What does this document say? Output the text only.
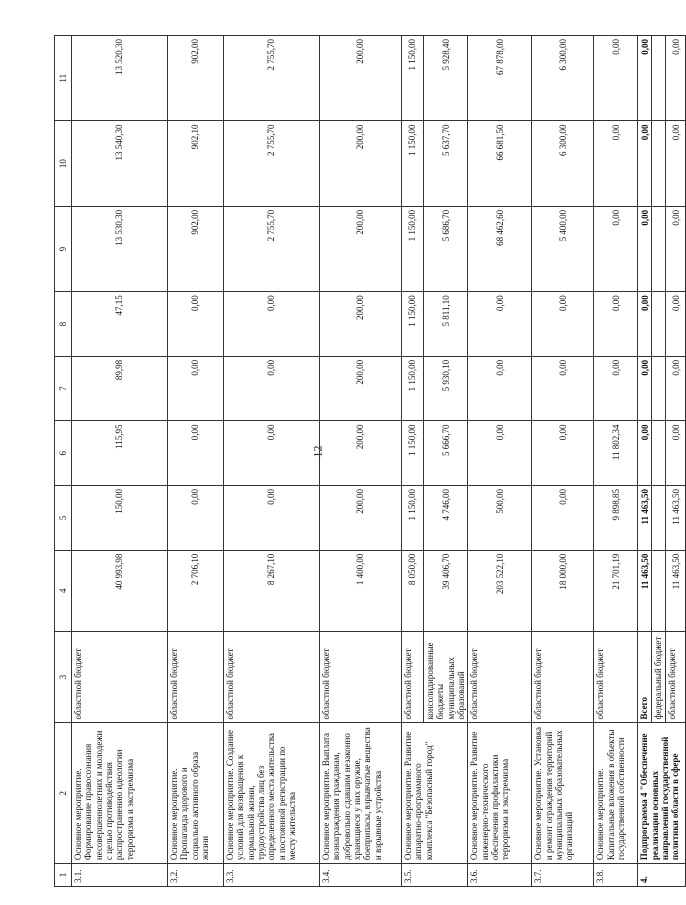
12
1	2	3	4	5	6	7	8	9	10	11
3.1.	Основное мероприятие. Формирование правосознания несовершеннолетних и молодежи с целью противодействия распространению идеологии терроризма и экстремизма	областной бюджет	40 993,98	150,00	115,95	89,98	47,15	13 530,30	13 540,30	13 520,30
3.2.	Основное мероприятие. Пропаганда здорового и социально активного образа жизни	областной бюджет	2 706,10	0,00	0,00	0,00	0,00	902,00	902,10	902,00
3.3.	Основное мероприятие. Создание условий для возвращения к нормальной жизни, трудоустройства лиц без определенного места жительства и постоянной регистрации по месту жительства	областной бюджет	8 267,10	0,00	0,00	0,00	0,00	2 755,70	2 755,70	2 755,70
3.4.	Основное мероприятие. Выплата вознаграждения гражданам, добровольно сдавшим незаконно хранящиеся у них оружие, боеприпасы, взрывчатые вещества и взрывные устройства	областной бюджет	1 400,00	200,00	200,00	200,00	200,00	200,00	200,00	200,00
3.5.	Основное мероприятие. Развитие аппаратно-программного комплекса "Безопасный город"	областной бюджет	8 050,00	1 150,00	1 150,00	1 150,00	1 150,00	1 150,00	1 150,00	1 150,00
		консолидированные бюджеты муниципальных образований	39 406,70	4 746,00	5 666,70	5 930,10	5 811,10	5 686,70	5 637,70	5 928,40
3.6.	Основное мероприятие. Развитие инженерно-технического обеспечения профилактики терроризма и экстремизма	областной бюджет	203 522,10	500,00	0,00	0,00	0,00	68 462,60	66 681,50	67 878,00
3.7.	Основное мероприятие. Установка и ремонт ограждения территорий муниципальных образовательных организаций	областной бюджет	18 000,00	0,00	0,00	0,00	0,00	5 400,00	6 300,00	6 300,00
3.8.	Основное мероприятие. Капитальные вложения в объекты государственной собственности	областной бюджет	21 701,19	9 898,85	11 802,34	0,00	0,00	0,00	0,00	0,00
4.	Подпрограмма 4 "Обеспечение реализации основных направлений государственной политики области в сфере	Всего	11 463,50	11 463,50	0,00	0,00	0,00	0,00	0,00	0,00
		федеральный бюджет								
		областной бюджет	11 463,50	11 463,50	0,00	0,00	0,00	0,00	0,00	0,00
